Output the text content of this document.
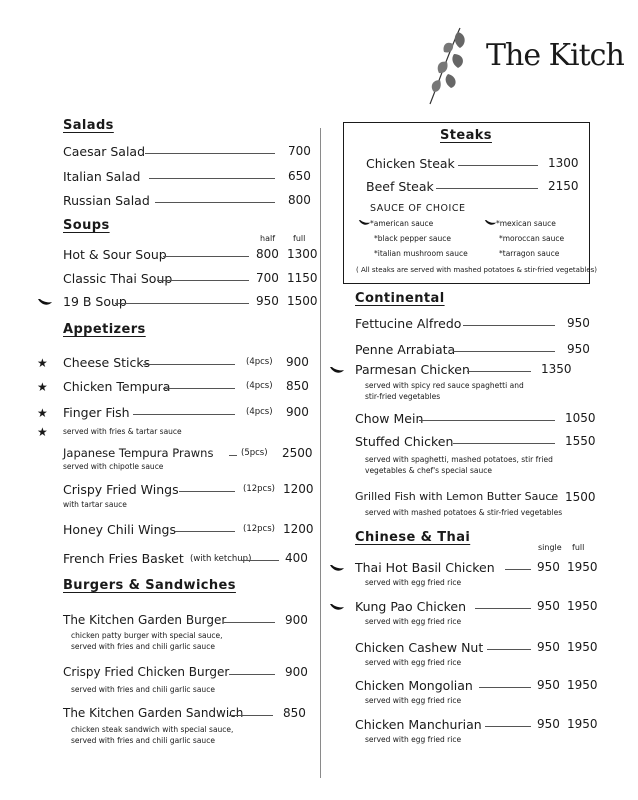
The Kitch
Salads
Caesar Salad	700
Italian Salad	650
Russian Salad	800
Soups
half full
Hot & Sour Soup	800 1300
Classic Thai Soup	700 1150
19 B Soup	950 1500
Appetizers
★ Cheese Sticks	(4pcs) 900
★ Chicken Tempura	(4pcs) 850
★ Finger Fish	(4pcs) 900
★ served with fries & tartar sauce
Japanese Tempura Prawns	(5pcs) 2500
served with chipotle sauce
Crispy Fried Wings	(12pcs) 1200
with tartar sauce
Honey Chili Wings	(12pcs) 1200
French Fries Basket (with ketchup)	400
Burgers & Sandwiches
The Kitchen Garden Burger	900
chicken patty burger with special sauce,
served with fries and chili garlic sauce
Crispy Fried Chicken Burger	900
served with fries and chili garlic sauce
The Kitchen Garden Sandwich	850
chicken steak sandwich with special sauce,
served with fries and chili garlic sauce
Steaks
Chicken Steak	1300
Beef Steak	2150
SAUCE OF CHOICE
*american sauce	*mexican sauce
*black pepper sauce	*moroccan sauce
*italian mushroom sauce	*tarragon sauce
( All steaks are served with mashed potatoes & stir-fried vegetables)
Continental
Fettucine Alfredo	950
Penne Arrabiata	950
Parmesan Chicken	1350
served with spicy red sauce spaghetti and
stir-fried vegetables
Chow Mein	1050
Stuffed Chicken	1550
served with spaghetti, mashed potatoes, stir fried
vegetables & chef's special sauce
Grilled Fish with Lemon Butter Sauce 1500
served with mashed potatoes & stir-fried vegetables
Chinese & Thai
single full
Thai Hot Basil Chicken	950 1950
served with egg fried rice
Kung Pao Chicken	950 1950
served with egg fried rice
Chicken Cashew Nut	950 1950
served with egg fried rice
Chicken Mongolian	950 1950
served with egg fried rice
Chicken Manchurian	950 1950
served with egg fried rice
